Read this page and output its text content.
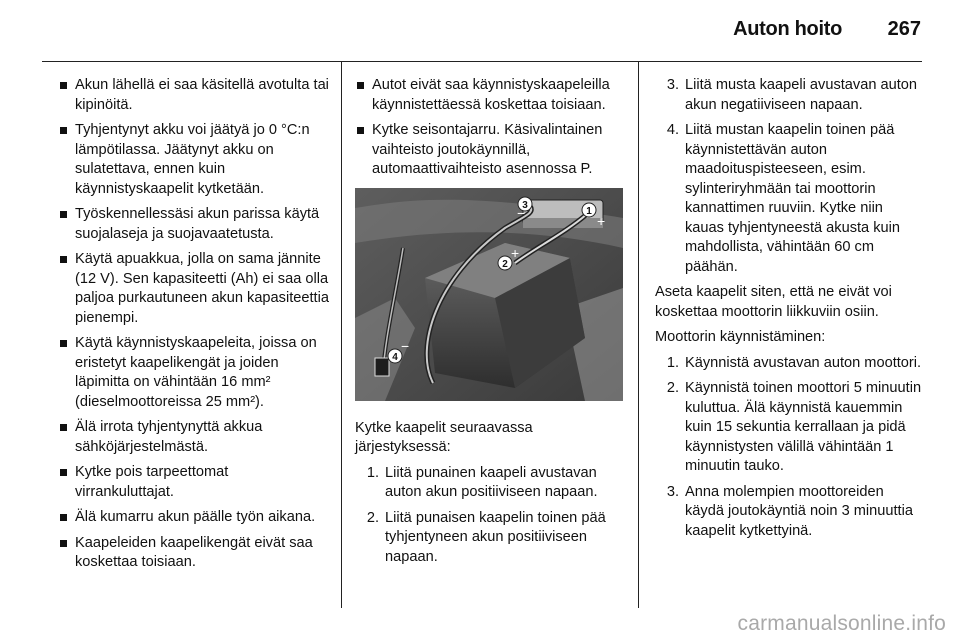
Auton hoito 267
Akun lähellä ei saa käsitellä avotulta tai kipinöitä.
Tyhjentynyt akku voi jäätyä jo 0 °C:n lämpötilassa. Jäätynyt akku on sulatettava, ennen kuin käynnistyskaapelit kytketään.
Työskennellessäsi akun parissa käytä suojalaseja ja suojavaatetusta.
Käytä apuakkua, jolla on sama jännite (12 V). Sen kapasiteetti (Ah) ei saa olla paljoa purkautuneen akun kapasiteettia pienempi.
Käytä käynnistyskaapeleita, joissa on eristetyt kaapelikengät ja joiden läpimitta on vähintään 16 mm² (dieselmoottoreissa 25 mm²).
Älä irrota tyhjentynyttä akkua sähköjärjestelmästä.
Kytke pois tarpeettomat virrankuluttajat.
Älä kumarru akun päälle työn aikana.
Kaapeleiden kaapelikengät eivät saa koskettaa toisiaan.
Autot eivät saa käynnistyskaapeleilla käynnistettäessä koskettaa toisiaan.
Kytke seisontajarru. Käsivalintainen vaihteisto joutokäynnillä, automaattivaihteisto asennossa P.
1
2
3
4
+
+
−
−

Kytke kaapelit seuraavassa järjestyksessä:

1. Liitä punainen kaapeli avustavan auton akun positiiviseen napaan.
2. Liitä punaisen kaapelin toinen pää tyhjentyneen akun positiiviseen napaan.
3. Liitä musta kaapeli avustavan auton akun negatiiviseen napaan.
4. Liitä mustan kaapelin toinen pää käynnistettävän auton maadoituspisteeseen, esim. sylinteriryhmään tai moottorin kannattimen ruuviin. Kytke niin kauas tyhjentyneestä akusta kuin mahdollista, vähintään 60 cm päähän.

Aseta kaapelit siten, että ne eivät voi koskettaa moottorin liikkuviin osiin.

Moottorin käynnistäminen:

1. Käynnistä avustavan auton moottori.
2. Käynnistä toinen moottori 5 minuutin kuluttua. Älä käynnistä kauemmin kuin 15 sekuntia kerrallaan ja pidä käynnistysten välillä vähintään 1 minuutin tauko.
3. Anna molempien moottoreiden käydä joutokäyntiä noin 3 minuuttia kaapelit kytkettyinä.
carmanualsonline.info
